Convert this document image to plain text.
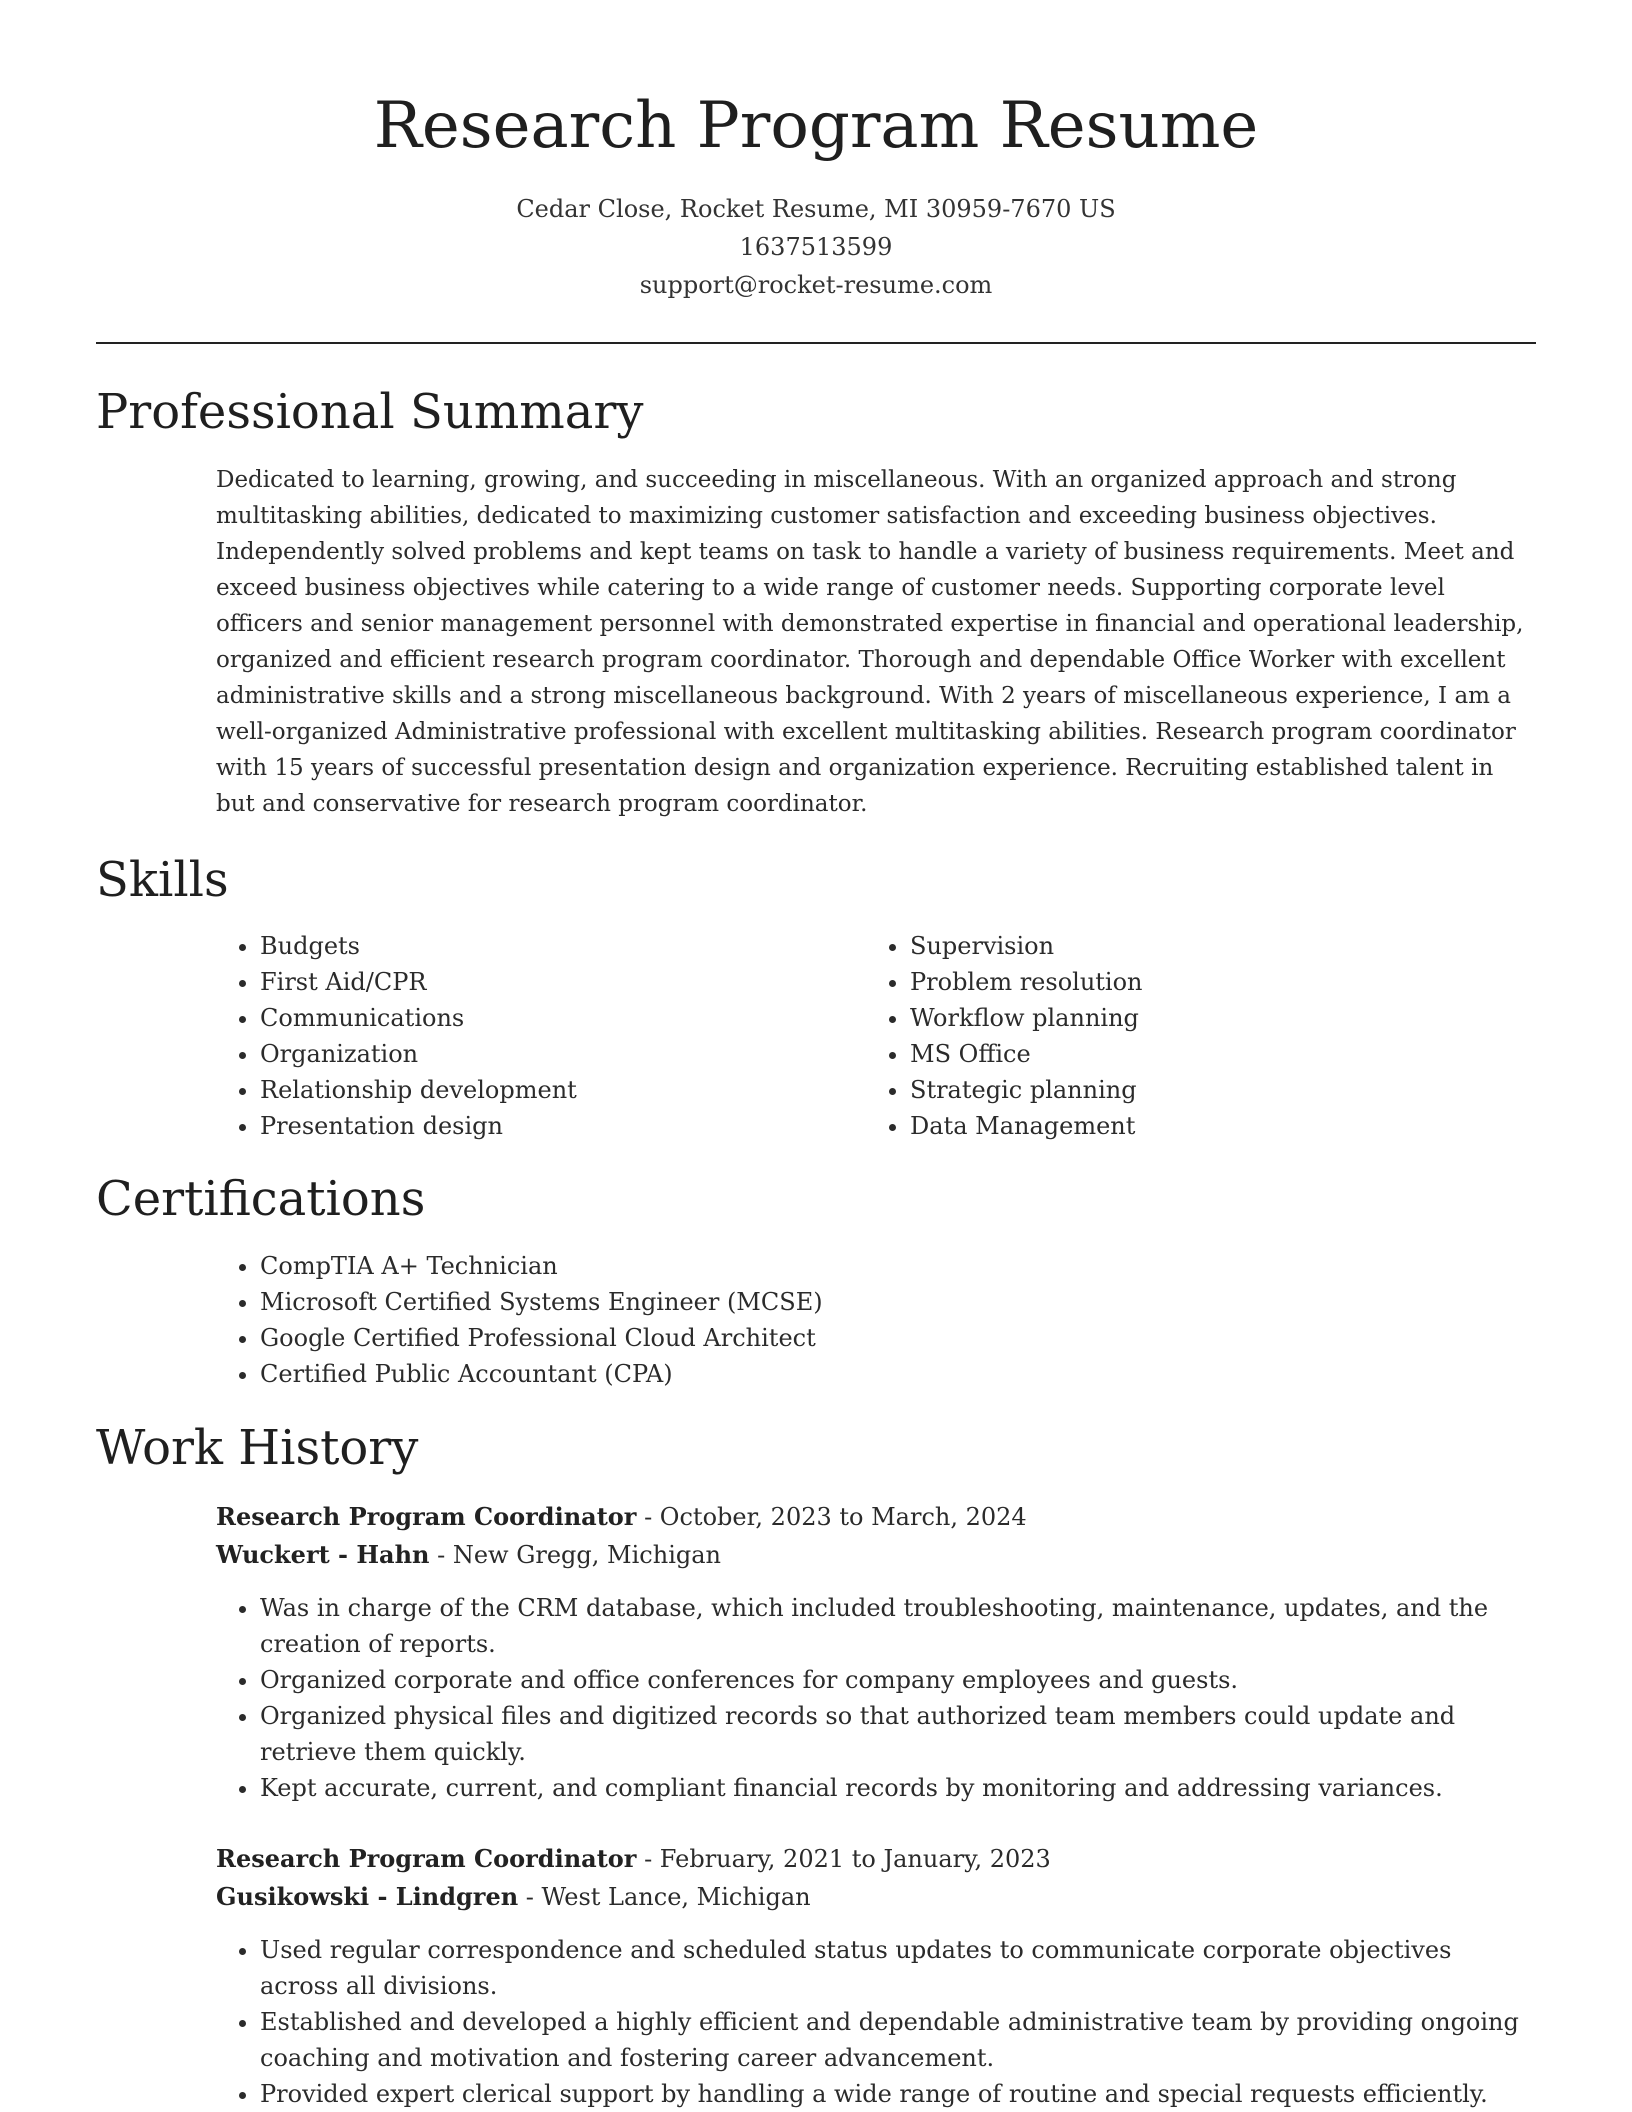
Research Program Resume
Cedar Close, Rocket Resume, MI 30959-7670 US
1637513599
support@rocket-resume.com
Professional Summary
Dedicated to learning, growing, and succeeding in miscellaneous. With an organized approach and strong multitasking abilities, dedicated to maximizing customer satisfaction and exceeding business objectives. Independently solved problems and kept teams on task to handle a variety of business requirements. Meet and exceed business objectives while catering to a wide range of customer needs. Supporting corporate level officers and senior management personnel with demonstrated expertise in financial and operational leadership, organized and efficient research program coordinator. Thorough and dependable Office Worker with excellent administrative skills and a strong miscellaneous background. With 2 years of miscellaneous experience, I am a well-organized Administrative professional with excellent multitasking abilities. Research program coordinator with 15 years of successful presentation design and organization experience. Recruiting established talent in but and conservative for research program coordinator.
Skills
• Budgets
• First Aid/CPR
• Communications
• Organization
• Relationship development
• Presentation design
• Supervision
• Problem resolution
• Workflow planning
• MS Office
• Strategic planning
• Data Management
Certifications
• CompTIA A+ Technician
• Microsoft Certified Systems Engineer (MCSE)
• Google Certified Professional Cloud Architect
• Certified Public Accountant (CPA)
Work History
Research Program Coordinator - October, 2023 to March, 2024
Wuckert - Hahn - New Gregg, Michigan
• Was in charge of the CRM database, which included troubleshooting, maintenance, updates, and the creation of reports.
• Organized corporate and office conferences for company employees and guests.
• Organized physical files and digitized records so that authorized team members could update and retrieve them quickly.
• Kept accurate, current, and compliant financial records by monitoring and addressing variances.
Research Program Coordinator - February, 2021 to January, 2023
Gusikowski - Lindgren - West Lance, Michigan
• Used regular correspondence and scheduled status updates to communicate corporate objectives across all divisions.
• Established and developed a highly efficient and dependable administrative team by providing ongoing coaching and motivation and fostering career advancement.
• Provided expert clerical support by handling a wide range of routine and special requests efficiently.
